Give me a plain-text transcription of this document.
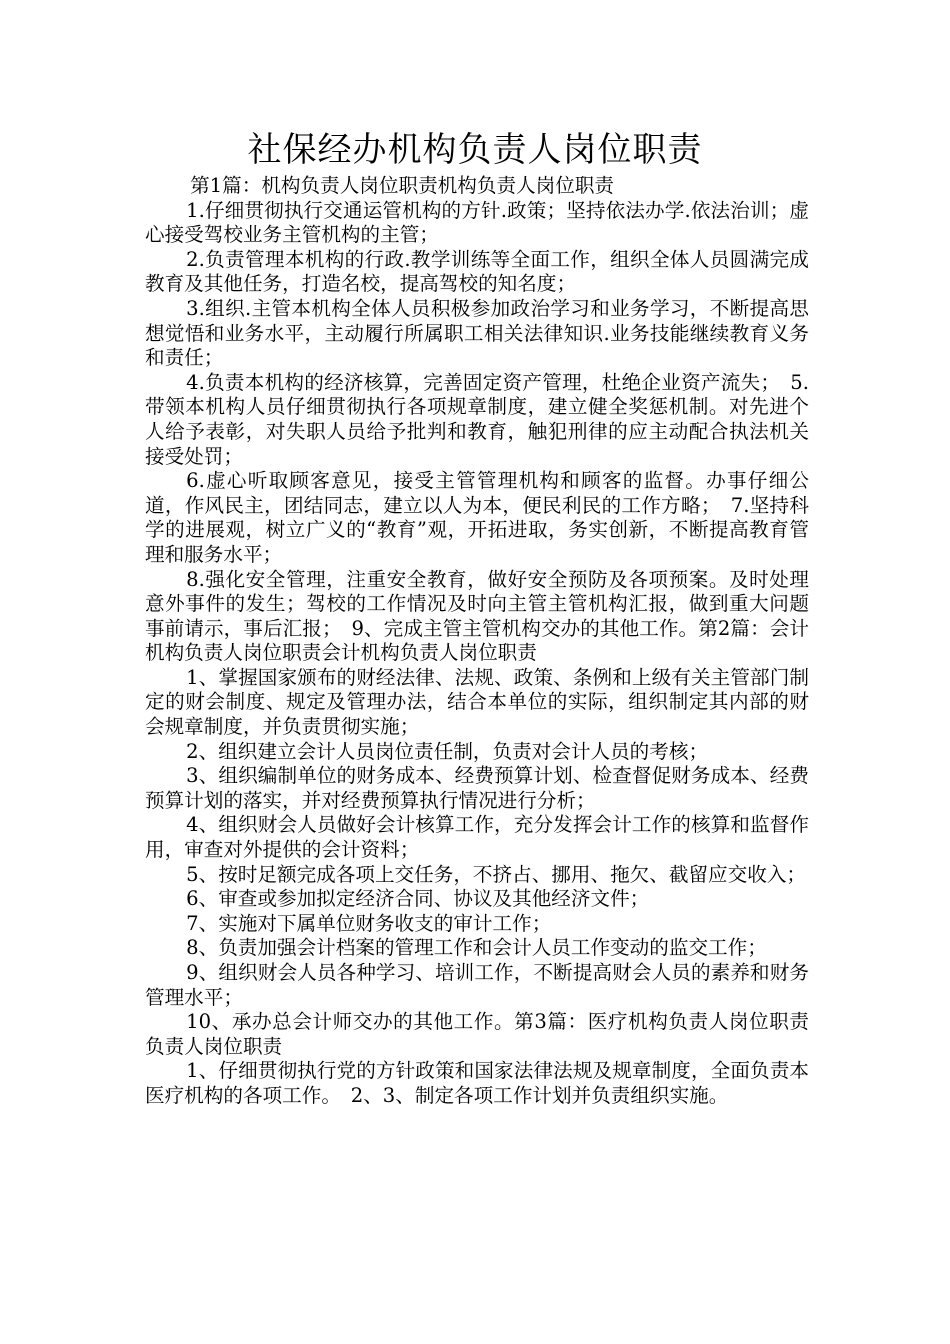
社保经办机构负责人岗位职责

第1篇：机构负责人岗位职责机构负责人岗位职责

1.仔细贯彻执行交通运管机构的方针.政策；坚持依法办学.依法治训；虚心接受驾校业务主管机构的主管；

2.负责管理本机构的行政.教学训练等全面工作，组织全体人员圆满完成教育及其他任务，打造名校，提高驾校的知名度；

3.组织.主管本机构全体人员积极参加政治学习和业务学习，不断提高思想觉悟和业务水平，主动履行所属职工相关法律知识.业务技能继续教育义务和责任；

4.负责本机构的经济核算，完善固定资产管理，杜绝企业资产流失；　5.带领本机构人员仔细贯彻执行各项规章制度，建立健全奖惩机制。对先进个人给予表彰，对失职人员给予批判和教育，触犯刑律的应主动配合执法机关接受处罚；

6.虚心听取顾客意见，接受主管管理机构和顾客的监督。办事仔细公道，作风民主，团结同志，建立以人为本，便民利民的工作方略；　7.坚持科学的进展观，树立广义的“教育”观，开拓进取，务实创新，不断提高教育管理和服务水平；

8.强化安全管理，注重安全教育，做好安全预防及各项预案。及时处理意外事件的发生；驾校的工作情况及时向主管主管机构汇报，做到重大问题事前请示，事后汇报；　9、完成主管主管机构交办的其他工作。第2篇：会计机构负责人岗位职责会计机构负责人岗位职责

1、掌握国家颁布的财经法律、法规、政策、条例和上级有关主管部门制定的财会制度、规定及管理办法，结合本单位的实际，组织制定其内部的财会规章制度，并负责贯彻实施；

2、组织建立会计人员岗位责任制，负责对会计人员的考核；

3、组织编制单位的财务成本、经费预算计划、检查督促财务成本、经费预算计划的落实，并对经费预算执行情况进行分析；

4、组织财会人员做好会计核算工作，充分发挥会计工作的核算和监督作用，审查对外提供的会计资料；

5、按时足额完成各项上交任务，不挤占、挪用、拖欠、截留应交收入；

6、审查或参加拟定经济合同、协议及其他经济文件；

7、实施对下属单位财务收支的审计工作；

8、负责加强会计档案的管理工作和会计人员工作变动的监交工作；

9、组织财会人员各种学习、培训工作，不断提高财会人员的素养和财务管理水平；

10、承办总会计师交办的其他工作。第3篇：医疗机构负责人岗位职责负责人岗位职责

1、仔细贯彻执行党的方针政策和国家法律法规及规章制度，全面负责本医疗机构的各项工作。　2、3、制定各项工作计划并负责组织实施。
